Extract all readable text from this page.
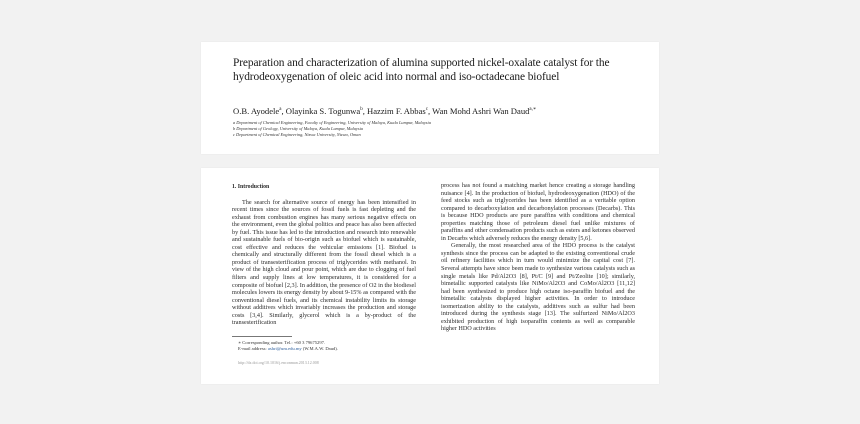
Preparation and characterization of alumina supported nickel-oxalate catalyst for the hydrodeoxygenation of oleic acid into normal and iso-octadecane biofuel
O.B. Ayodele$^a$, Olayinka S. Togunwa$^b$, Hazzim F. Abbas$^c$, Wan Mohd Ashri Wan Daud$^{a,∗}$
a Department of Chemical Engineering, Faculty of Engineering, University of Malaya, Kuala Lumpur, Malaysia
b Department of Geology, University of Malaya, Kuala Lumpur, Malaysia
c Department of Chemical Engineering, Nizwa University, Nizwa, Oman
1. Introduction

The search for alternative source of energy has been intensified in recent times since the sources of fossil fuels is fast depleting and the exhaust from combustion engines has many serious negative effects on the environment, even the global politics and peace has also been affected by fuel. This issue has led to the introduction and research into renewable and sustainable fuels of bio-origin such as biofuel which is sustainable, cost effective and reduces the vehicular emissions [1]. Biofuel is chemically and structurally different from the fossil diesel which is a product of transesterification process of triglycerides with methanol. In view of the high cloud and pour point, which are due to clogging of fuel filters and supply lines at low temperatures, it is considered for a composite of biofuel [2,3]. In addition, the presence of O2 in the biodiesel molecules lowers its energy density by about 9-15% as compared with the conventional diesel fuels, and its chemical instability limits its storage without additives which invariably increases the production and storage costs [3,4]. Similarly, glycerol which is a by-product of the transesterification

∗ Corresponding author. Tel.: +60 3 79675297.
E-mail address: ashri@um.edu.my (W.M.A.W. Daud).
http://dx.doi.org/10.1016/j.enconman.2013.12.008

process has not found a matching market hence creating a storage handling nuisance [4]. In the production of biofuel, hydrodeoxygenation (HDO) of the feed stocks such as triglycerides has been identified as a veritable option compared to decarboxylation and decarbonylation processes (Decarbs). This is because HDO products are pure paraffins with conditions and chemical properties matching those of petroleum diesel fuel unlike mixtures of paraffins and other condensation products such as esters and ketones observed in Decarbs which adversely reduces the energy density [5,6].

Generally, the most researched area of the HDO process is the catalyst synthesis since the process can be adapted to the existing conventional crude oil refinery facilities which in turn would minimize the capital cost [7]. Several attempts have since been made to synthesize various catalysts such as single metals like Pd/Al2O3 [8], Pt/C [9] and Pt/Zeolite [10]; similarly, bimetallic supported catalysts like NiMo/Al2O3 and CoMo/Al2O3 [11,12] had been synthesized to produce high octane iso-paraffin biofuel and the bimetallic catalysts displayed higher activities. In order to introduce isomerization ability to the catalysts, additives such as sulfur had been introduced during the synthesis stage [13]. The sulfurized NiMo/Al2O3 exhibited production of high isoparaffin contents as well as comparable higher HDO activities
